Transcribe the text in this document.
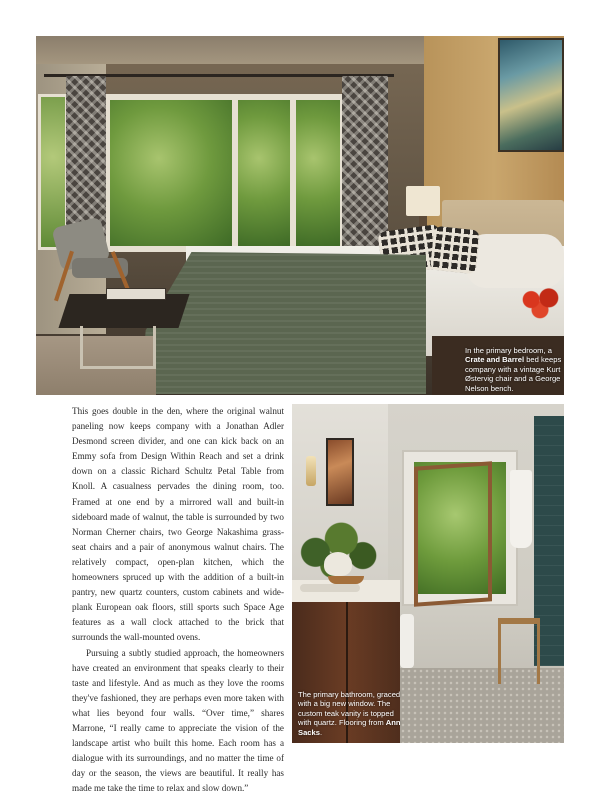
In the primary bedroom, a Crate and Barrel bed keeps company with a vintage Kurt Østervig chair and a George Nelson bench.

This goes double in the den, where the original walnut paneling now keeps company with a Jonathan Adler Desmond screen divider, and one can kick back on an Emmy sofa from Design Within Reach and set a drink down on a classic Richard Schultz Petal Table from Knoll. A casualness pervades the dining room, too. Framed at one end by a mirrored wall and built-in sideboard made of walnut, the table is surrounded by two Norman Cherner chairs, two George Nakashima grass-seat chairs and a pair of anonymous walnut chairs. The relatively compact, open-plan kitchen, which the homeowners spruced up with the addition of a built-in pantry, new quartz counters, custom cabinets and wide-plank European oak floors, still sports such Space Age features as a wall clock attached to the brick that surrounds the wall-mounted ovens.

Pursuing a subtly studied approach, the homeowners have created an environment that speaks clearly to their taste and lifestyle. And as much as they love the rooms they've fashioned, they are perhaps even more taken with what lies beyond four walls. “Over time,” shares Marrone, “I really came to appreciate the vision of the landscape artist who built this home. Each room has a dialogue with its surroundings, and no matter the time of day or the season, the views are beautiful. It really has made me take the time to relax and slow down.”

The primary bathroom, graced with a big new window. The custom teak vanity is topped with quartz. Flooring from Ann Sacks.
